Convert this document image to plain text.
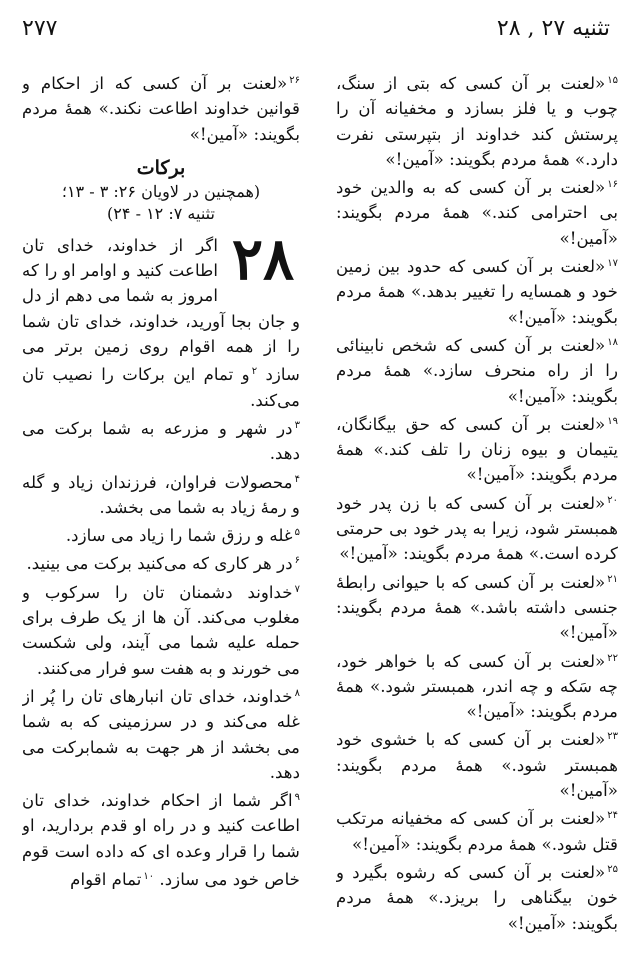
۲۷۷	تثنیه ۲۷ , ۲۸

$^{۱۵}$«لعنت بر آن کسی که بتی از سنگ، چوب و یا فلز بسازد و مخفیانه آن را پرستش کند خداوند از بتپرستی نفرت دارد.» همهٔ مردم بگویند: «آمین!»

$^{۱۶}$«لعنت بر آن کسی که به والدین خود بی احترامی کند.» همهٔ مردم بگویند: «آمین!»

$^{۱۷}$«لعنت بر آن کسی که حدود بین زمین خود و همسایه را تغییر بدهد.» همهٔ مردم بگویند: «آمین!»

$^{۱۸}$«لعنت بر آن کسی که شخص نابینائی را از راه منحرف سازد.» همهٔ مردم بگویند: «آمین!»

$^{۱۹}$«لعنت بر آن کسی که حق بیگانگان، یتیمان و بیوه زنان را تلف کند.» همهٔ مردم بگویند: «آمین!»

$^{۲۰}$«لعنت بر آن کسی که با زن پدر خود همبستر شود، زیرا به پدر خود بی حرمتی کرده است.» همهٔ مردم بگویند: «آمین!»

$^{۲۱}$«لعنت بر آن کسی که با حیوانی رابطهٔ جنسی داشته باشد.» همهٔ مردم بگویند: «آمین!»

$^{۲۲}$«لعنت بر آن کسی که با خواهر خود، چه سَکه و چه اندر، همبستر شود.» همهٔ مردم بگویند: «آمین!»

$^{۲۳}$«لعنت بر آن کسی که با خشوی خود همبستر شود.» همهٔ مردم بگویند: «آمین!»

$^{۲۴}$«لعنت بر آن کسی که مخفیانه مرتکب قتل شود.» همهٔ مردم بگویند: «آمین!»

$^{۲۵}$«لعنت بر آن کسی که رشوه بگیرد و خون بیگناهی را بریزد.» همهٔ مردم بگویند: «آمین!»

$^{۲۶}$«لعنت بر آن کسی که از احکام و قوانین خداوند اطاعت نکند.» همهٔ مردم بگویند: «آمین!»

برکات
(همچنین در لاویان ۲۶: ۳ - ۱۳؛
تثنیه ۷: ۱۲ - ۲۴)
۲۸

اگر از خداوند، خدای تان اطاعت کنید و اوامر او را که امروز به شما می دهم از دل و جان بجا آورید، خداوند، خدای تان شما را از همه اقوام روی زمین برتر می سازد $^۲$و تمام این برکات را نصیب تان می‌کند.

$^۳$در شهر و مزرعه به شما برکت می دهد.

$^۴$محصولات فراوان، فرزندان زیاد و گله و رمهٔ زیاد به شما می بخشد.

$^۵$غله و رزق شما را زیاد می سازد.

$^۶$در هر کاری که می‌کنید برکت می بینید.

$^۷$خداوند دشمنان تان را سرکوب و مغلوب می‌کند. آن ها از یک طرف برای حمله علیه شما می آیند، ولی شکست می خورند و به هفت سو فرار می‌کنند.

$^۸$خداوند، خدای تان انبارهای تان را پُر از غله می‌کند و در سرزمینی که به شما می بخشد از هر جهت به شمابرکت می دهد.

$^۹$اگر شما از احکام خداوند، خدای تان اطاعت کنید و در راه او قدم بردارید، او شما را قرار وعده ای که داده است قوم خاص خود می سازد. $^{۱۰}$تمام اقوام
